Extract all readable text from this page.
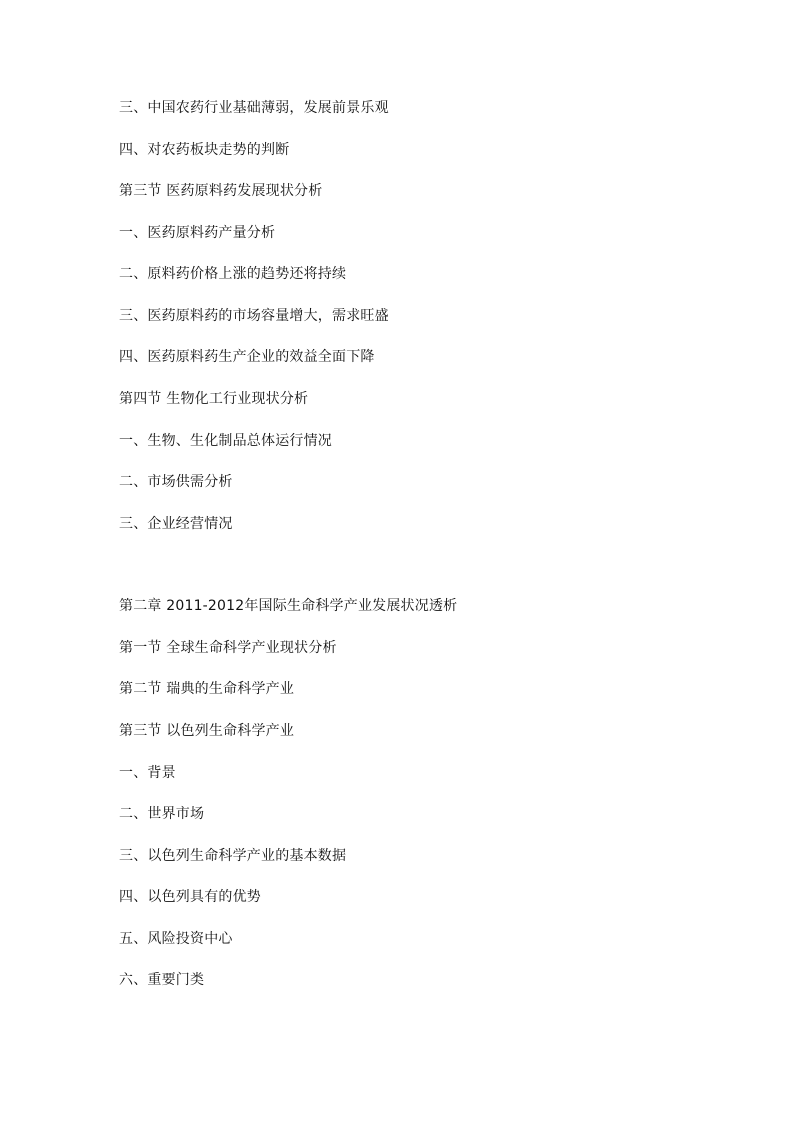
三、中国农药行业基础薄弱，发展前景乐观
四、对农药板块走势的判断
第三节 医药原料药发展现状分析
一、医药原料药产量分析
二、原料药价格上涨的趋势还将持续
三、医药原料药的市场容量增大，需求旺盛
四、医药原料药生产企业的效益全面下降
第四节 生物化工行业现状分析
一、生物、生化制品总体运行情况
二、市场供需分析
三、企业经营情况
第二章 2011-2012年国际生命科学产业发展状况透析
第一节 全球生命科学产业现状分析
第二节 瑞典的生命科学产业
第三节 以色列生命科学产业
一、背景
二、世界市场
三、以色列生命科学产业的基本数据
四、以色列具有的优势
五、风险投资中心
六、重要门类
